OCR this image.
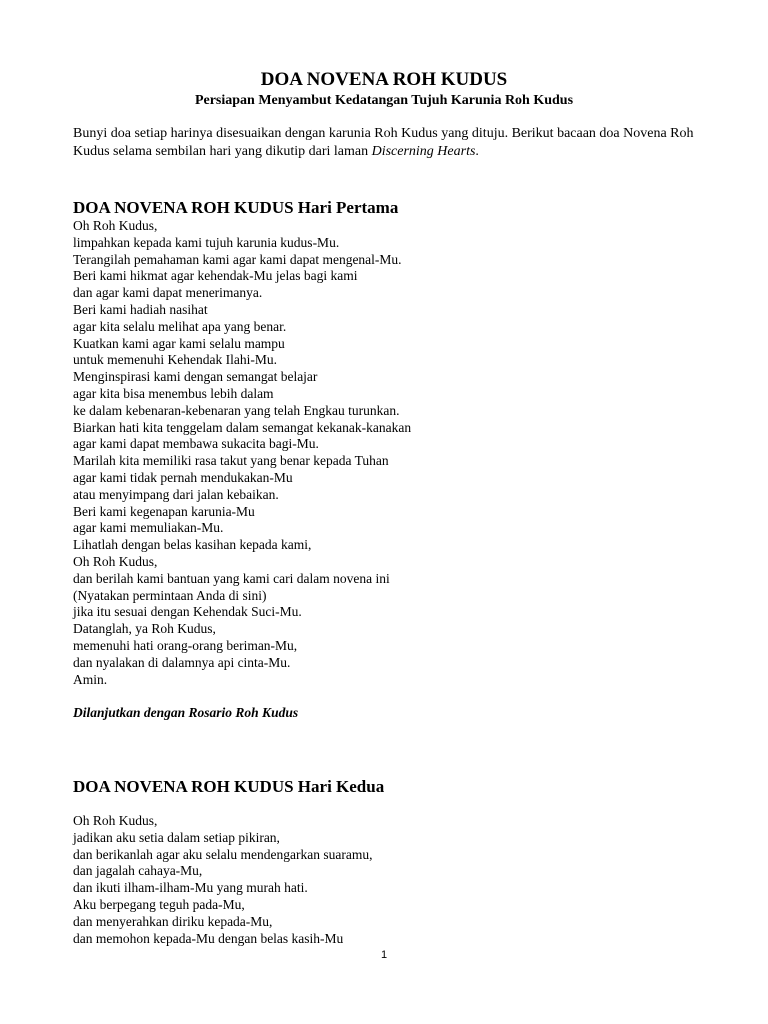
DOA NOVENA ROH KUDUS
Persiapan Menyambut Kedatangan Tujuh Karunia Roh Kudus

Bunyi doa setiap harinya disesuaikan dengan karunia Roh Kudus yang dituju. Berikut bacaan doa Novena Roh Kudus selama sembilan hari yang dikutip dari laman Discerning Hearts.

DOA NOVENA ROH KUDUS Hari Pertama
Oh Roh Kudus,
limpahkan kepada kami tujuh karunia kudus-Mu.
Terangilah pemahaman kami agar kami dapat mengenal-Mu.
Beri kami hikmat agar kehendak-Mu jelas bagi kami
dan agar kami dapat menerimanya.
Beri kami hadiah nasihat
agar kita selalu melihat apa yang benar.
Kuatkan kami agar kami selalu mampu
untuk memenuhi Kehendak Ilahi-Mu.
Menginspirasi kami dengan semangat belajar
agar kita bisa menembus lebih dalam
ke dalam kebenaran-kebenaran yang telah Engkau turunkan.
Biarkan hati kita tenggelam dalam semangat kekanak-kanakan
agar kami dapat membawa sukacita bagi-Mu.
Marilah kita memiliki rasa takut yang benar kepada Tuhan
agar kami tidak pernah mendukakan-Mu
atau menyimpang dari jalan kebaikan.
Beri kami kegenapan karunia-Mu
agar kami memuliakan-Mu.
Lihatlah dengan belas kasihan kepada kami,
Oh Roh Kudus,
dan berilah kami bantuan yang kami cari dalam novena ini
(Nyatakan permintaan Anda di sini)
jika itu sesuai dengan Kehendak Suci-Mu.
Datanglah, ya Roh Kudus,
memenuhi hati orang-orang beriman-Mu,
dan nyalakan di dalamnya api cinta-Mu.
Amin.

Dilanjutkan dengan Rosario Roh Kudus

DOA NOVENA ROH KUDUS Hari Kedua
Oh Roh Kudus,
jadikan aku setia dalam setiap pikiran,
dan berikanlah agar aku selalu mendengarkan suaramu,
dan jagalah cahaya-Mu,
dan ikuti ilham-ilham-Mu yang murah hati.
Aku berpegang teguh pada-Mu,
dan menyerahkan diriku kepada-Mu,
dan memohon kepada-Mu dengan belas kasih-Mu
1
